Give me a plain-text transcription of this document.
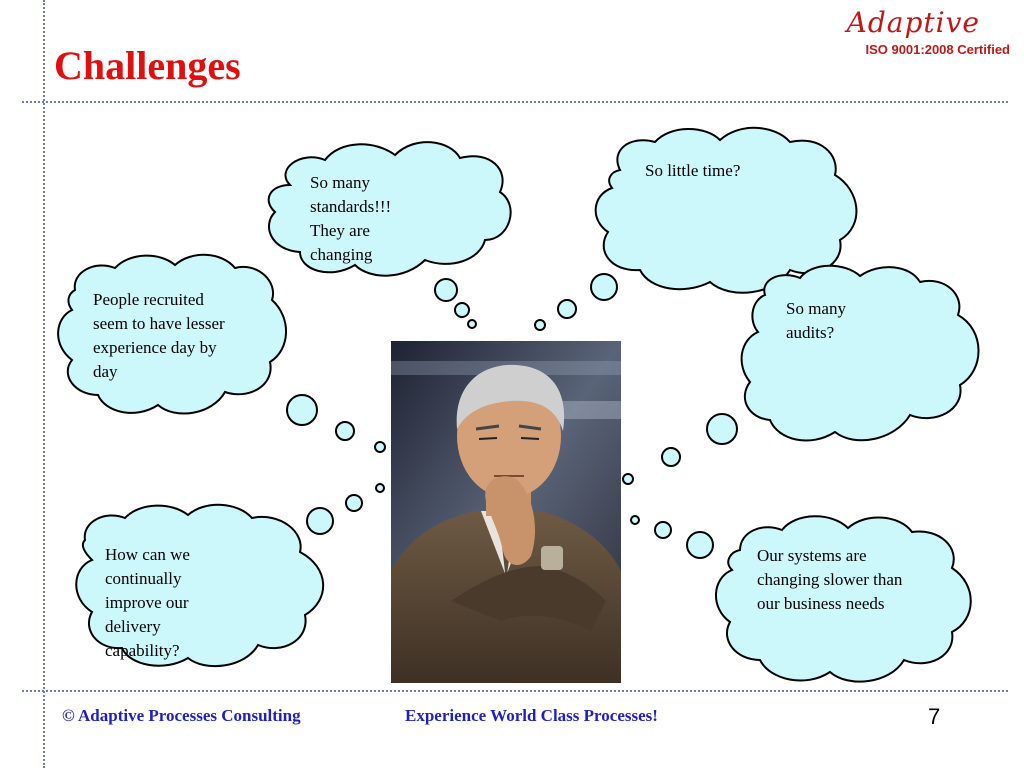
Challenges
Adaptive
ISO 9001:2008 Certified
So many standards!!! They are changing
So little time?
So many audits?
People recruited seem to have lesser experience day by day
How can we continually improve our delivery capability?
Our systems are changing slower than our business needs
© Adaptive Processes Consulting	Experience World Class Processes!	7
